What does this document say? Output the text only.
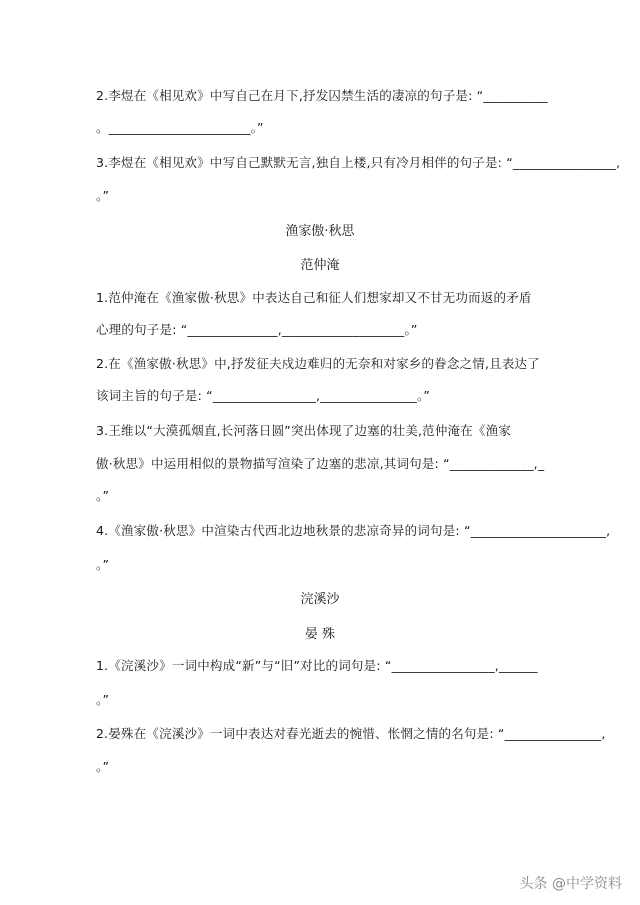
2.李煜在《相见欢》中写自己在月下,抒发囚禁生活的凄凉的句子是: “__________
。______________________。”
3.李煜在《相见欢》中写自己默默无言,独自上楼,只有冷月相伴的句子是: “________________,
。”
渔家傲·秋思
范仲淹
1.范仲淹在《渔家傲·秋思》中表达自己和征人们想家却又不甘无功而返的矛盾
心理的句子是: “______________,___________________。”
2.在《渔家傲·秋思》中,抒发征夫戍边难归的无奈和对家乡的眷念之情,且表达了
该词主旨的句子是: “________________,_______________。”
3.王维以“大漠孤烟直,长河落日圆”突出体现了边塞的壮美,范仲淹在《渔家
傲·秋思》中运用相似的景物描写渲染了边塞的悲凉,其词句是: “_____________,_
。”
4.《渔家傲·秋思》中渲染古代西北边地秋景的悲凉奇异的词句是: “_____________________,
。”
浣溪沙
晏 殊
1.《浣溪沙》一词中构成“新”与“旧”对比的词句是: “________________,______
。”
2.晏殊在《浣溪沙》一词中表达对春光逝去的惋惜、怅惘之情的名句是: “_______________,
。”
头条 @中学资料
